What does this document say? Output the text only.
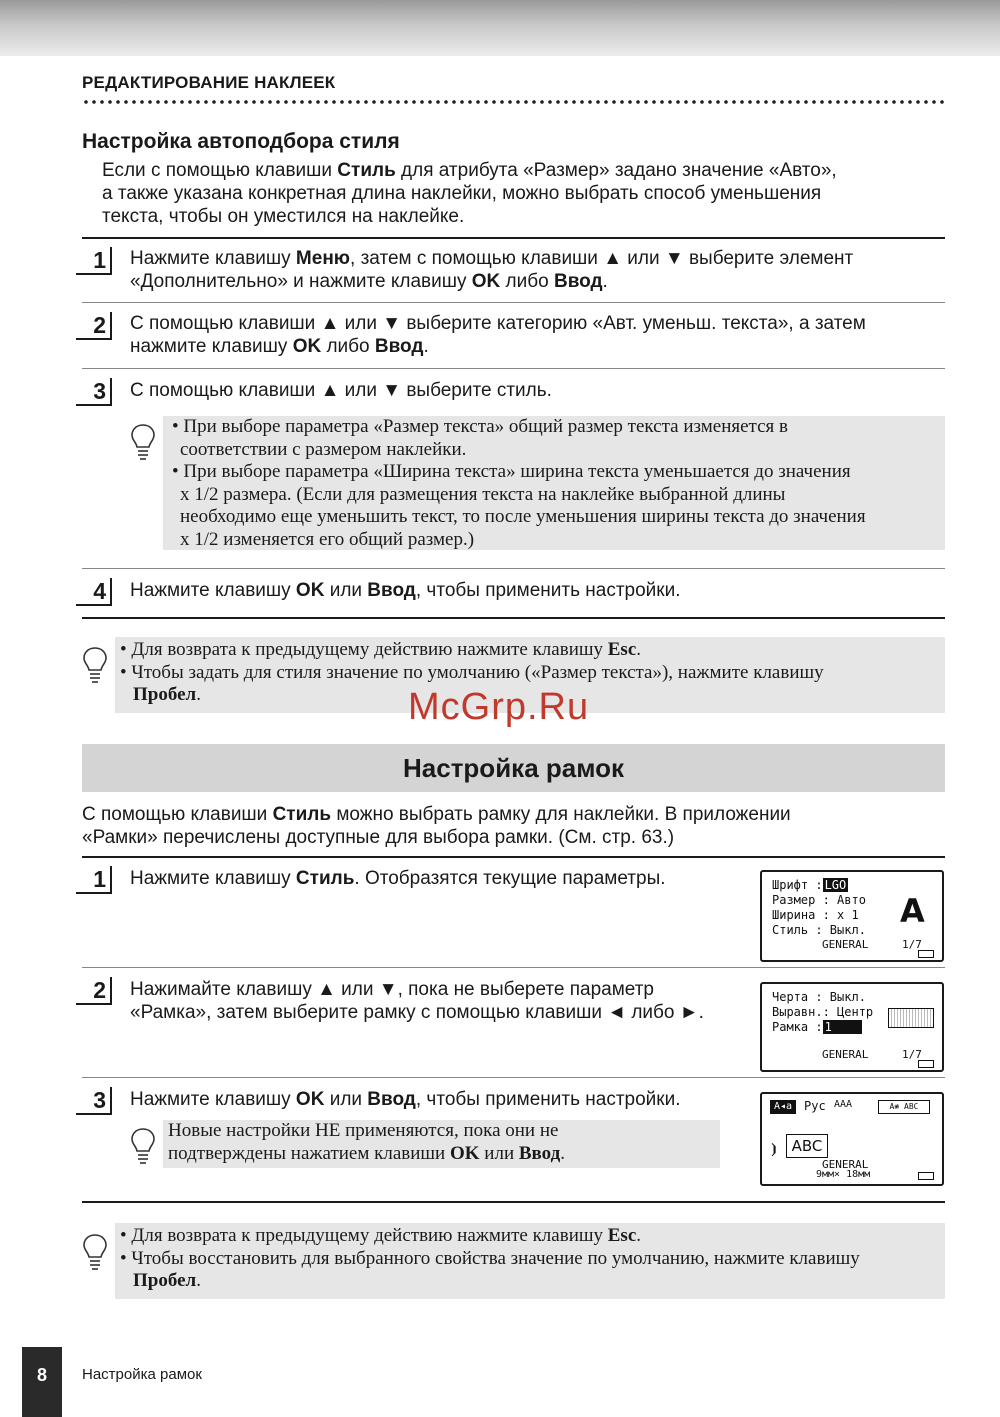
РЕДАКТИРОВАНИЕ НАКЛЕЕК
Настройка автоподбора стиля
Если с помощью клавиши Стиль для атрибута «Размер» задано значение «Авто»,
а также указана конкретная длина наклейки, можно выбрать способ уменьшения
текста, чтобы он уместился на наклейке.
1	Нажмите клавишу Меню, затем с помощью клавиши ▲ или ▼ выберите элемент
«Дополнительно» и нажмите клавишу OK либо Ввод.
2	С помощью клавиши ▲ или ▼ выберите категорию «Авт. уменьш. текста», а затем
нажмите клавишу OK либо Ввод.
3	С помощью клавиши ▲ или ▼ выберите стиль.
• При выборе параметра «Размер текста» общий размер текста изменяется в
соответствии с размером наклейки.
• При выборе параметра «Ширина текста» ширина текста уменьшается до значения
x 1/2 размера. (Если для размещения текста на наклейке выбранной длины
необходимо еще уменьшить текст, то после уменьшения ширины текста до значения
x 1/2 изменяется его общий размер.)
4	Нажмите клавишу OK или Ввод, чтобы применить настройки.
• Для возврата к предыдущему действию нажмите клавишу Esc.
• Чтобы задать для стиля значение по умолчанию («Размер текста»), нажмите клавишу
Пробел.	McGrp.Ru
Настройка рамок
С помощью клавиши Стиль можно выбрать рамку для наклейки. В приложении
«Рамки» перечислены доступные для выбора рамки. (См. стр. 63.)
1	Нажмите клавишу Стиль. Отобразятся текущие параметры.	Шрифт : LGO
Размер : Авто
Ширина : x 1
Стиль : Выкл. A
GENERAL	1/7
2	Нажимайте клавишу ▲ или ▼, пока не выберете параметр
«Рамка», затем выберите рамку с помощью клавиши ◄ либо ►.
Черта : Выкл.
Выравн.: Центр
Рамка : 1
GENERAL	1/7
3	Нажмите клавишу OK или Ввод, чтобы применить настройки.
Новые настройки НЕ применяются, пока они не
подтверждены нажатием клавиши OK или Ввод.
A◂a Рус AAA	A≢ ABC
⦘ ABC
GENERAL
9мм× 18мм
• Для возврата к предыдущему действию нажмите клавишу Esc.
• Чтобы восстановить для выбранного свойства значение по умолчанию, нажмите клавишу
Пробел.
8	Настройка рамок
